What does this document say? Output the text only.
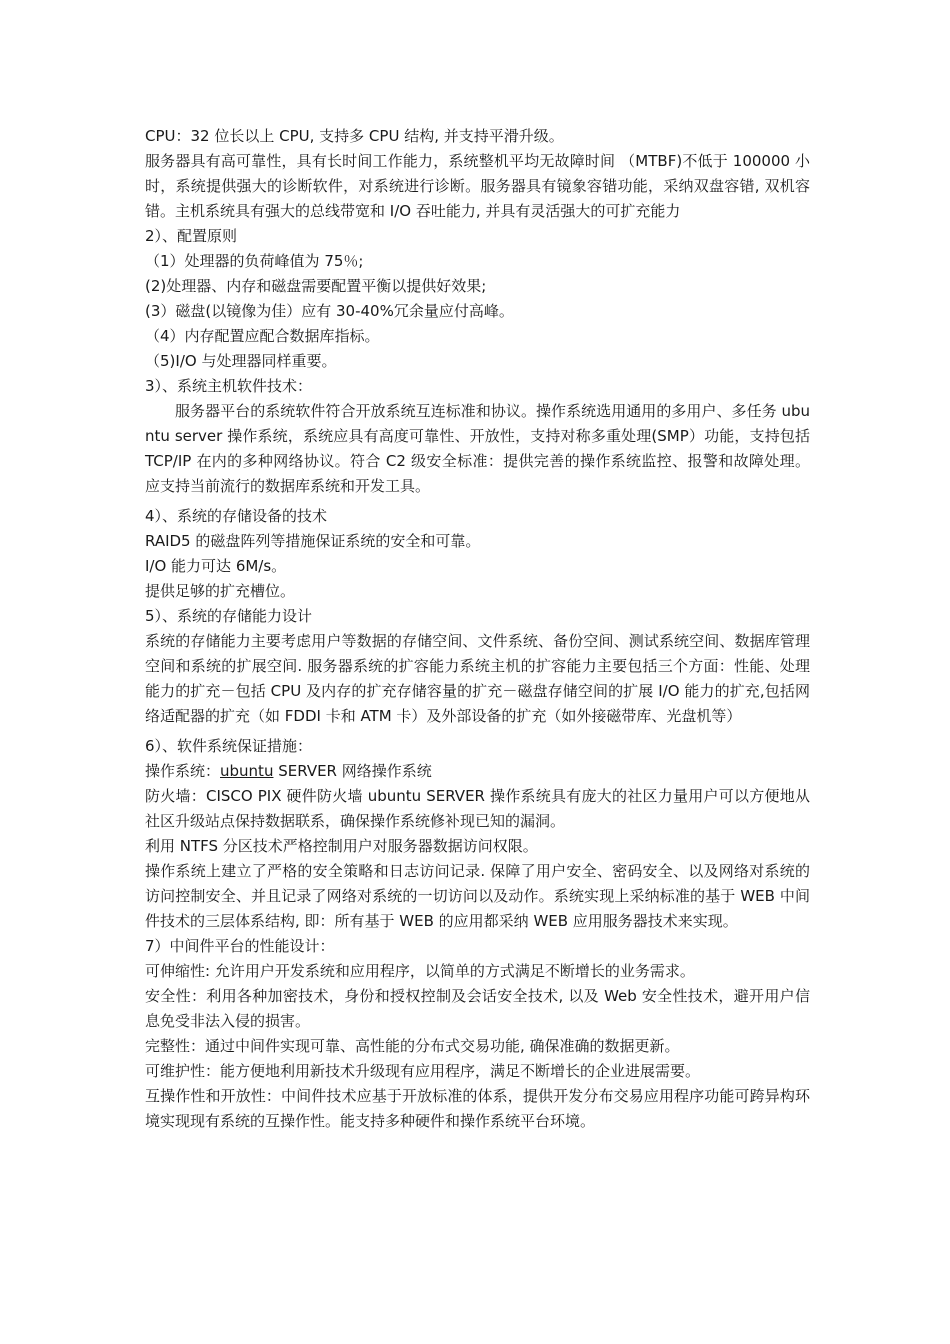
CPU：32 位长以上 CPU, 支持多 CPU 结构, 并支持平滑升级。

服务器具有高可靠性，具有长时间工作能力，系统整机平均无故障时间 （MTBF)不低于 100000 小时，系统提供强大的诊断软件，对系统进行诊断。服务器具有镜象容错功能，采纳双盘容错, 双机容错。主机系统具有强大的总线带宽和 I/O 吞吐能力, 并具有灵活强大的可扩充能力

2）、配置原则

（1）处理器的负荷峰值为 75％;

(2)处理器、内存和磁盘需要配置平衡以提供好效果;

(3）磁盘(以镜像为佳）应有 30-40%冗余量应付高峰。

（4）内存配置应配合数据库指标。

（5)I/O 与处理器同样重要。

3）、系统主机软件技术：

服务器平台的系统软件符合开放系统互连标准和协议。操作系统选用通用的多用户、多任务 ubuntu server 操作系统，系统应具有高度可靠性、开放性，支持对称多重处理(SMP）功能，支持包括 TCP/IP 在内的多种网络协议。符合 C2 级安全标准：提供完善的操作系统监控、报警和故障处理。应支持当前流行的数据库系统和开发工具。

4）、系统的存储设备的技术

RAID5 的磁盘阵列等措施保证系统的安全和可靠。

I/O 能力可达 6M/s。

提供足够的扩充槽位。

5）、系统的存储能力设计

系统的存储能力主要考虑用户等数据的存储空间、文件系统、备份空间、测试系统空间、数据库管理空间和系统的扩展空间. 服务器系统的扩容能力系统主机的扩容能力主要包括三个方面：性能、处理能力的扩充－包括 CPU 及内存的扩充存储容量的扩充－磁盘存储空间的扩展 I/O 能力的扩充,包括网络适配器的扩充（如 FDDI 卡和 ATM 卡）及外部设备的扩充（如外接磁带库、光盘机等）

6）、软件系统保证措施：

操作系统：ubuntu SERVER 网络操作系统

防火墙：CISCO PIX 硬件防火墙 ubuntu SERVER 操作系统具有庞大的社区力量用户可以方便地从社区升级站点保持数据联系，确保操作系统修补现已知的漏洞。

利用 NTFS 分区技术严格控制用户对服务器数据访问权限。

操作系统上建立了严格的安全策略和日志访问记录. 保障了用户安全、密码安全、以及网络对系统的访问控制安全、并且记录了网络对系统的一切访问以及动作。系统实现上采纳标准的基于 WEB 中间件技术的三层体系结构, 即：所有基于 WEB 的应用都采纳 WEB 应用服务器技术来实现。

7）中间件平台的性能设计：

可伸缩性: 允许用户开发系统和应用程序，以简单的方式满足不断增长的业务需求。

安全性：利用各种加密技术，身份和授权控制及会话安全技术, 以及 Web 安全性技术，避开用户信息免受非法入侵的损害。

完整性：通过中间件实现可靠、高性能的分布式交易功能, 确保准确的数据更新。

可维护性：能方便地利用新技术升级现有应用程序，满足不断增长的企业进展需要。

互操作性和开放性：中间件技术应基于开放标准的体系，提供开发分布交易应用程序功能可跨异构环境实现现有系统的互操作性。能支持多种硬件和操作系统平台环境。
